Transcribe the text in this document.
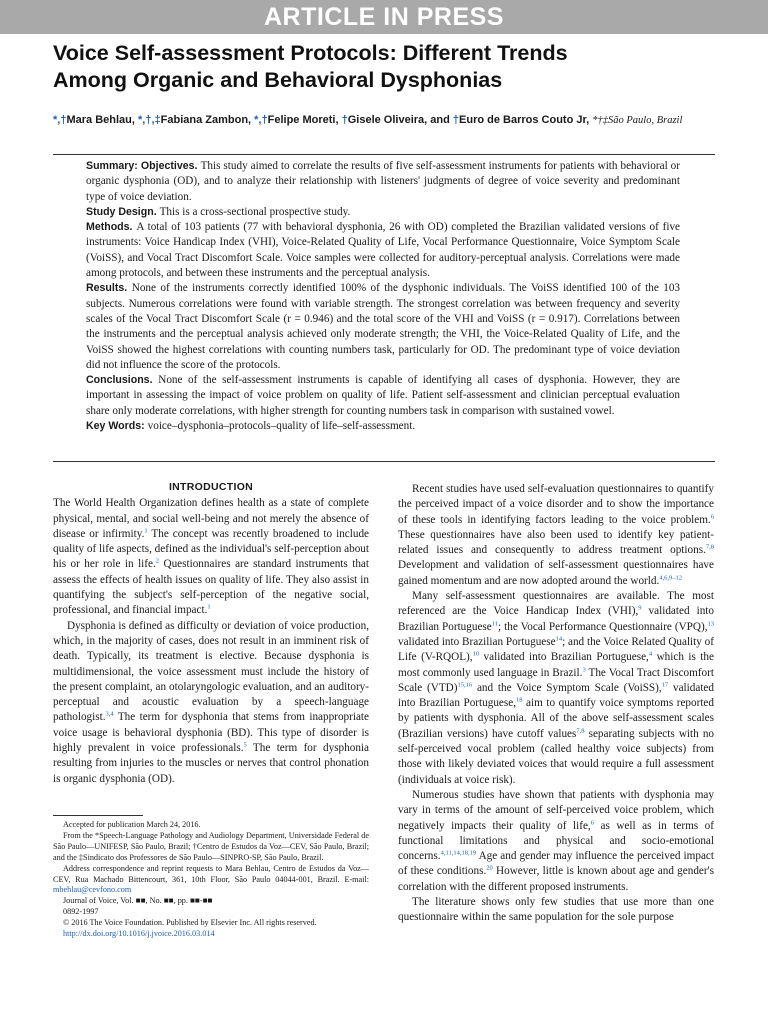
ARTICLE IN PRESS
Voice Self-assessment Protocols: Different Trends
Among Organic and Behavioral Dysphonias
*,†Mara Behlau, *,†,‡Fabiana Zambon, *,†Felipe Moreti, †Gisele Oliveira, and †Euro de Barros Couto Jr, *†‡São Paulo, Brazil

Summary: Objectives. This study aimed to correlate the results of five self-assessment instruments for patients with behavioral or organic dysphonia (OD), and to analyze their relationship with listeners' judgments of degree of voice severity and predominant type of voice deviation.

Study Design. This is a cross-sectional prospective study.

Methods. A total of 103 patients (77 with behavioral dysphonia, 26 with OD) completed the Brazilian validated versions of five instruments: Voice Handicap Index (VHI), Voice-Related Quality of Life, Vocal Performance Questionnaire, Voice Symptom Scale (VoiSS), and Vocal Tract Discomfort Scale. Voice samples were collected for auditory-perceptual analysis. Correlations were made among protocols, and between these instruments and the perceptual analysis.

Results. None of the instruments correctly identified 100% of the dysphonic individuals. The VoiSS identified 100 of the 103 subjects. Numerous correlations were found with variable strength. The strongest correlation was between frequency and severity scales of the Vocal Tract Discomfort Scale (r = 0.946) and the total score of the VHI and VoiSS (r = 0.917). Correlations between the instruments and the perceptual analysis achieved only moderate strength; the VHI, the Voice-Related Quality of Life, and the VoiSS showed the highest correlations with counting numbers task, particularly for OD. The predominant type of voice deviation did not influence the score of the protocols.

Conclusions. None of the self-assessment instruments is capable of identifying all cases of dysphonia. However, they are important in assessing the impact of voice problem on quality of life. Patient self-assessment and clinician perceptual evaluation share only moderate correlations, with higher strength for counting numbers task in comparison with sustained vowel.

Key Words: voice–dysphonia–protocols–quality of life–self-assessment.

INTRODUCTION

The World Health Organization defines health as a state of complete physical, mental, and social well-being and not merely the absence of disease or infirmity.$^1$ The concept was recently broadened to include quality of life aspects, defined as the individual's self-perception about his or her role in life.$^2$ Questionnaires are standard instruments that assess the effects of health issues on quality of life. They also assist in quantifying the subject's self-perception of the negative social, professional, and financial impact.$^1$

Dysphonia is defined as difficulty or deviation of voice production, which, in the majority of cases, does not result in an imminent risk of death. Typically, its treatment is elective. Because dysphonia is multidimensional, the voice assessment must include the history of the present complaint, an otolaryngologic evaluation, and an auditory-perceptual and acoustic evaluation by a speech-language pathologist.$^{3,4}$ The term for dysphonia that stems from inappropriate voice usage is behavioral dysphonia (BD). This type of disorder is highly prevalent in voice professionals.$^5$ The term for dysphonia resulting from injuries to the muscles or nerves that control phonation is organic dysphonia (OD).

Accepted for publication March 24, 2016.

From the *Speech-Language Pathology and Audiology Department, Universidade Federal de São Paulo—UNIFESP, São Paulo, Brazil; †Centro de Estudos da Voz—CEV, São Paulo, Brazil; and the ‡Sindicato dos Professores de São Paulo—SINPRO-SP, São Paulo, Brazil.

Address correspondence and reprint requests to Mara Behlau, Centro de Estudos da Voz—CEV, Rua Machado Bittencourt, 361, 10th Floor, São Paulo 04044-001, Brazil. E-mail: mbehlau@cevfono.com

Journal of Voice, Vol. ■■, No. ■■, pp. ■■-■■

0892-1997

© 2016 The Voice Foundation. Published by Elsevier Inc. All rights reserved.

http://dx.doi.org/10.1016/j.jvoice.2016.03.014

Recent studies have used self-evaluation questionnaires to quantify the perceived impact of a voice disorder and to show the importance of these tools in identifying factors leading to the voice problem.$^6$ These questionnaires have also been used to identify key patient-related issues and consequently to address treatment options.$^{7,8}$ Development and validation of self-assessment questionnaires have gained momentum and are now adopted around the world.$^{4,6,9-12}$

Many self-assessment questionnaires are available. The most referenced are the Voice Handicap Index (VHI),$^9$ validated into Brazilian Portuguese$^{11}$; the Vocal Performance Questionnaire (VPQ),$^{13}$ validated into Brazilian Portuguese$^{14}$; and the Voice Related Quality of Life (V-RQOL),$^{10}$ validated into Brazilian Portuguese,$^4$ which is the most commonly used language in Brazil.$^3$ The Vocal Tract Discomfort Scale (VTD)$^{15,16}$ and the Voice Symptom Scale (VoiSS),$^{17}$ validated into Brazilian Portuguese,$^{18}$ aim to quantify voice symptoms reported by patients with dysphonia. All of the above self-assessment scales (Brazilian versions) have cutoff values$^{7,8}$ separating subjects with no self-perceived vocal problem (called healthy voice subjects) from those with likely deviated voices that would require a full assessment (individuals at voice risk).

Numerous studies have shown that patients with dysphonia may vary in terms of the amount of self-perceived voice problem, which negatively impacts their quality of life,$^6$ as well as in terms of functional limitations and physical and socio-emotional concerns.$^{4,11,14,18,19}$ Age and gender may influence the perceived impact of these conditions.$^{20}$ However, little is known about age and gender's correlation with the different proposed instruments.

The literature shows only few studies that use more than one questionnaire within the same population for the sole purpose
